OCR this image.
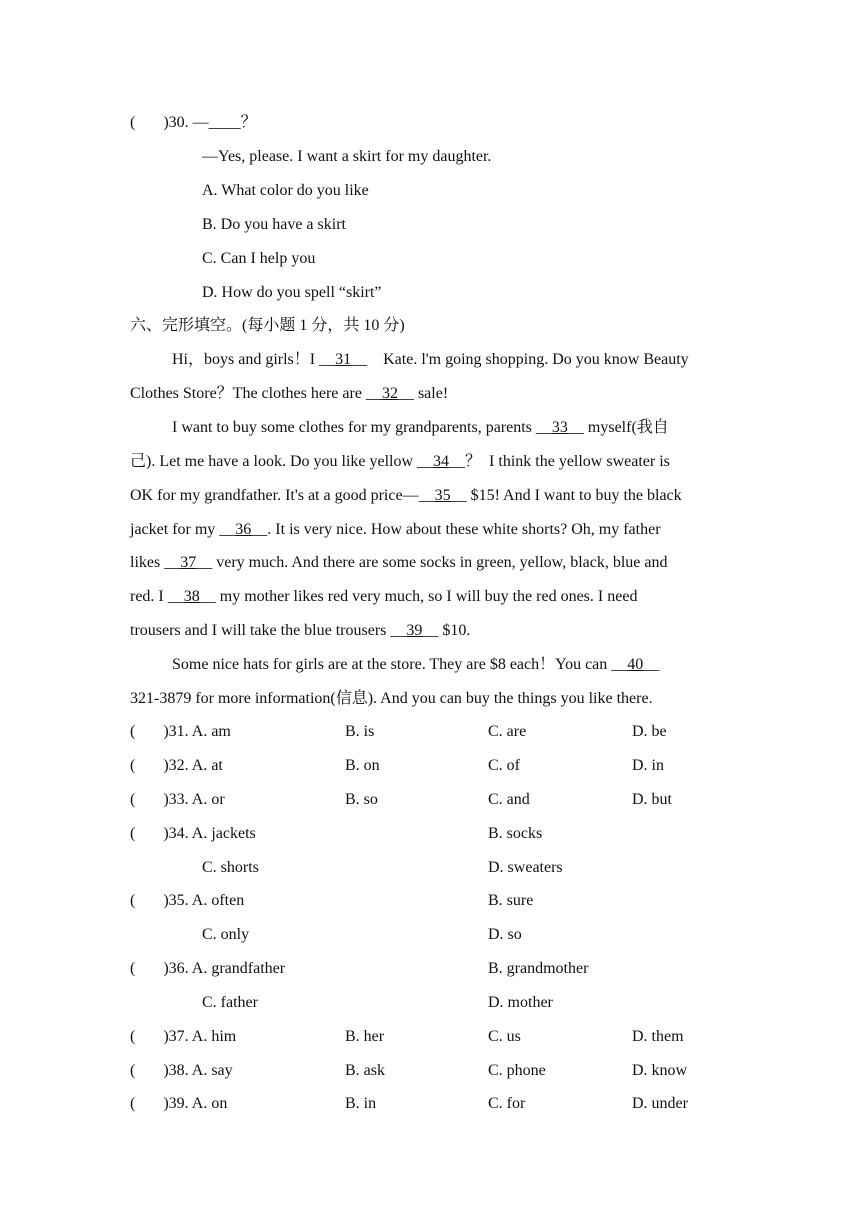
(       )30. —____？
—Yes, please. I want a skirt for my daughter.
A. What color do you like
B. Do you have a skirt
C. Can I help you
D. How do you spell “skirt”
六、完形填空。(每小题 1 分，共 10 分)
Hi，boys and girls！I __31__    Kate. l'm going shopping. Do you know Beauty
Clothes Store？The clothes here are __32__ sale!
I want to buy some clothes for my grandparents, parents __33__ myself(我自
己). Let me have a look. Do you like yellow __34__？  I think the yellow sweater is
OK for my grandfather. It's at a good price—__35__ $15! And I want to buy the black
jacket for my __36__. It is very nice. How about these white shorts? Oh, my father
likes __37__ very much. And there are some socks in green, yellow, black, blue and
red. I __38__ my mother likes red very much, so I will buy the red ones. I need
trousers and I will take the blue trousers __39__ $10.
Some nice hats for girls are at the store. They are $8 each！You can __40__
321-3879 for more information(信息). And you can buy the things you like there.
(       )31. A. am	B. is	C. are	D. be
(       )32. A. at	B. on	C. of	D. in
(       )33. A. or	B. so	C. and	D. but
(       )34. A. jackets	B. socks
C. shorts	D. sweaters
(       )35. A. often	B. sure
C. only	D. so
(       )36. A. grandfather	B. grandmother
C. father	D. mother
(       )37. A. him	B. her	C. us	D. them
(       )38. A. say	B. ask	C. phone	D. know
(       )39. A. on	B. in	C. for	D. under
